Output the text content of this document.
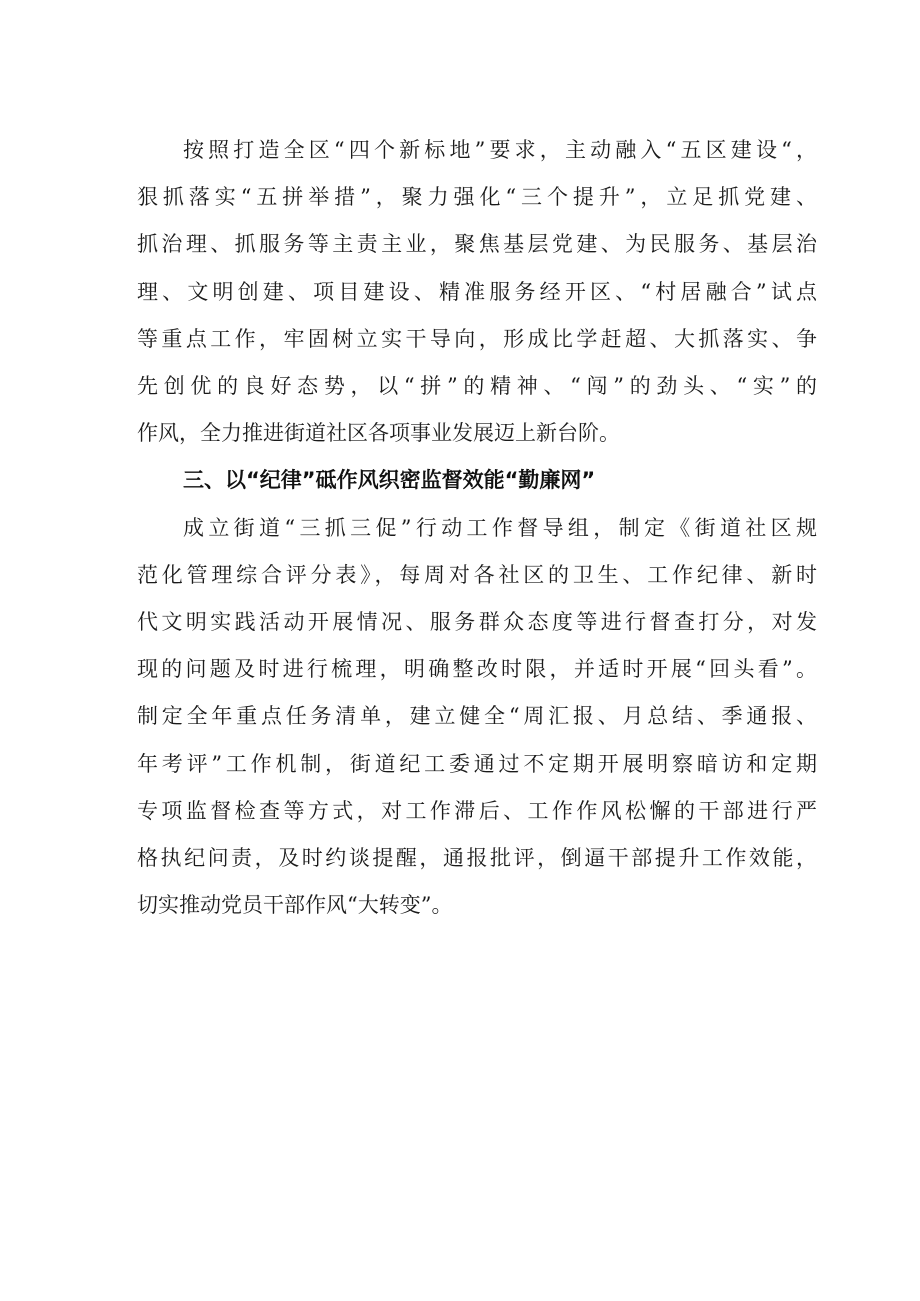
按照打造全区“四个新标地”要求，主动融入“五区建设“，
狠抓落实“五拼举措”，聚力强化“三个提升”，立足抓党建、
抓治理、抓服务等主责主业，聚焦基层党建、为民服务、基层治
理、文明创建、项目建设、精准服务经开区、“村居融合”试点
等重点工作，牢固树立实干导向，形成比学赶超、大抓落实、争
先创优的良好态势，以“拼”的精神、“闯”的劲头、“实”的
作风，全力推进街道社区各项事业发展迈上新台阶。
三、以“纪律”砥作风织密监督效能“勤廉网”
成立街道“三抓三促”行动工作督导组，制定《街道社区规
范化管理综合评分表》，每周对各社区的卫生、工作纪律、新时
代文明实践活动开展情况、服务群众态度等进行督查打分，对发
现的问题及时进行梳理，明确整改时限，并适时开展“回头看”。
制定全年重点任务清单，建立健全“周汇报、月总结、季通报、
年考评”工作机制，街道纪工委通过不定期开展明察暗访和定期
专项监督检查等方式，对工作滞后、工作作风松懈的干部进行严
格执纪问责，及时约谈提醒，通报批评，倒逼干部提升工作效能，
切实推动党员干部作风“大转变”。
